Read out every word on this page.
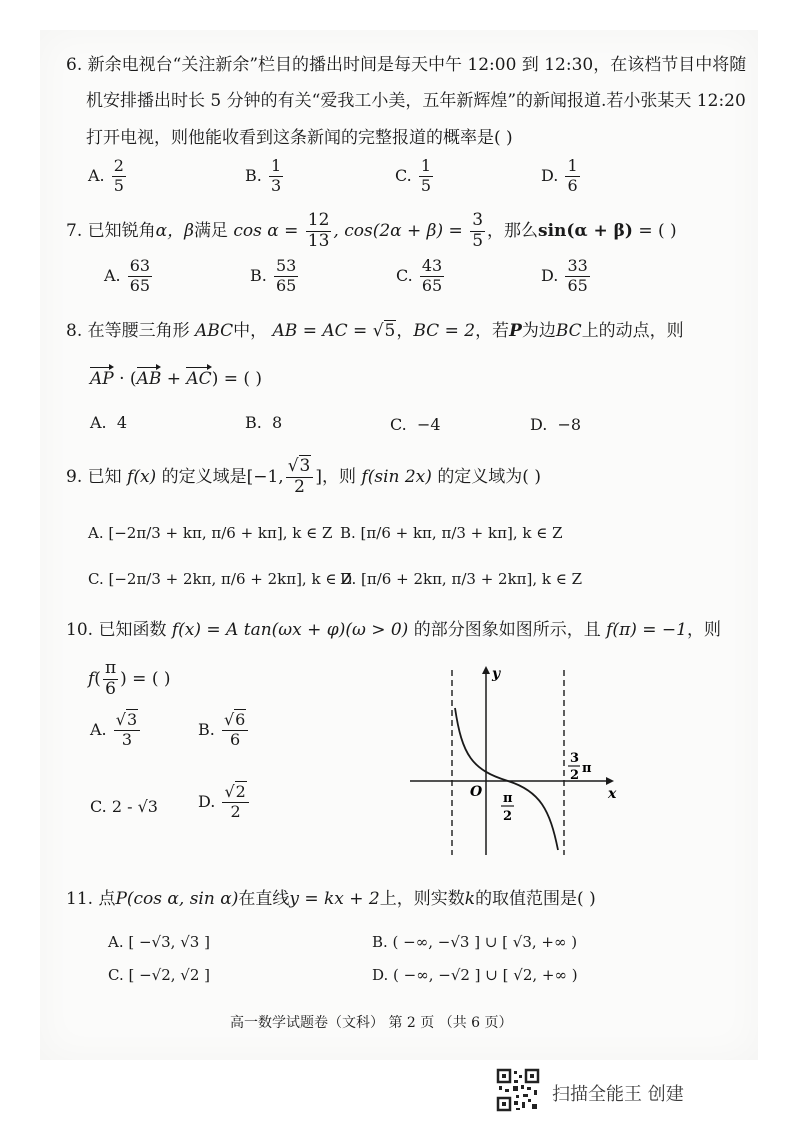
6. 新余电视台“关注新余”栏目的播出时间是每天中午 12:00 到 12:30，在该档节目中将随
机安排播出时长 5 分钟的有关“爱我工小美，五年新辉煌”的新闻报道.若小张某天 12:20
打开电视，则他能收看到这条新闻的完整报道的概率是( )
A. $\frac{2}{5}$	B. $\frac{1}{3}$	C. $\frac{1}{5}$	D. $\frac{1}{6}$
7. 已知锐角α，β满足 $\cos \alpha = \frac{12}{13}$ , $\cos(2\alpha + \beta) = \frac{3}{5}$ ，那么sin(α + β) = ( )
A. $\frac{63}{65}$	B. $\frac{53}{65}$	C. $\frac{43}{65}$	D. $\frac{33}{65}$
8. 在等腰三角形 ABC中， AB = AC = √5，BC = 2，若P为边BC上的动点，则
AP · (AB + AC) = ( )
A. 4	B. 8	C. −4	D. −8
9. 已知 f(x) 的定义域是[−1, $\frac{√3}{2}$ ]，则 f(sin 2x) 的定义域为( )
A. [−2π/3 + kπ, π/6 + kπ], k ∈ Z B. [π/6 + kπ, π/3 + kπ], k ∈ Z
C. [−2π/3 + 2kπ, π/6 + 2kπ], k ∈ Z
D. [π/6 + 2kπ, π/3 + 2kπ], k ∈ Z
10. 已知函数 f(x) = A tan(ωx + φ)(ω > 0) 的部分图象如图所示，且 f(π) = −1，则
$f( \frac{\pi}{6}$ ) = ( )
A. $\frac{√3}{3}$	B. $\frac{√6}{6}$
C. 2 - √3	D. $\frac{√2}{2}$
y
x
O π
2
3
2 π
11. 点P(cos α, sin α)在直线y = kx + 2上，则实数k的取值范围是( )
A. [ −√3, √3 ]	B. ( −∞, −√3 ] ∪ [ √3, +∞ )
C. [ −√2, √2 ]	D. ( −∞, −√2 ] ∪ [ √2, +∞ )
高一数学试题卷（文科） 第 2 页 （共 6 页）
扫描全能王 创建
